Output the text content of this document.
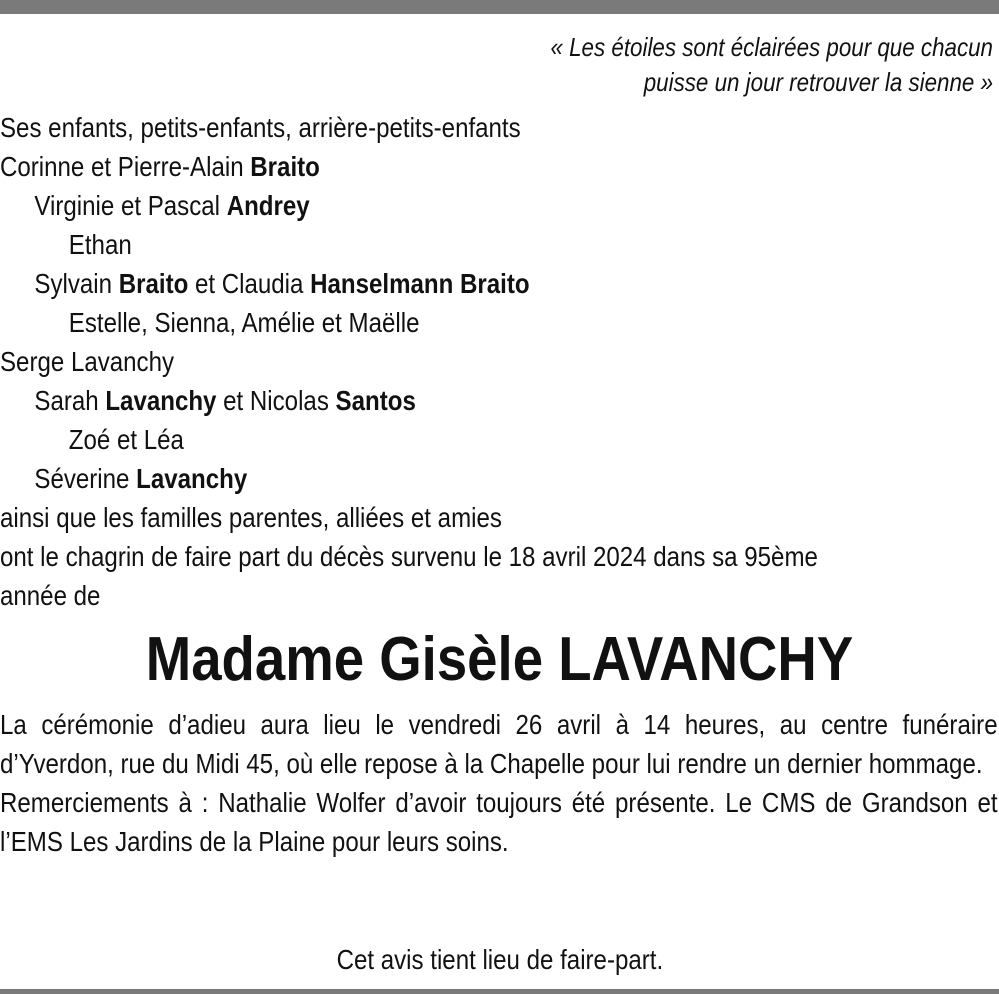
« Les étoiles sont éclairées pour que chacun
puisse un jour retrouver la sienne »
Ses enfants, petits-enfants, arrière-petits-enfants
Corinne et Pierre-Alain Braito
Virginie et Pascal Andrey
Ethan
Sylvain Braito et Claudia Hanselmann Braito
Estelle, Sienna, Amélie et Maëlle
Serge Lavanchy
Sarah Lavanchy et Nicolas Santos
Zoé et Léa
Séverine Lavanchy
ainsi que les familles parentes, alliées et amies
ont le chagrin de faire part du décès survenu le 18 avril 2024 dans sa 95ème
année de
Madame Gisèle LAVANCHY

La cérémonie d’adieu aura lieu le vendredi 26 avril à 14 heures, au centre funéraire d’Yverdon, rue du Midi 45, où elle repose à la Chapelle pour lui rendre un dernier hommage.

Remerciements à : Nathalie Wolfer d’avoir toujours été présente. Le CMS de Grandson et l’EMS Les Jardins de la Plaine pour leurs soins.

Cet avis tient lieu de faire-part.
